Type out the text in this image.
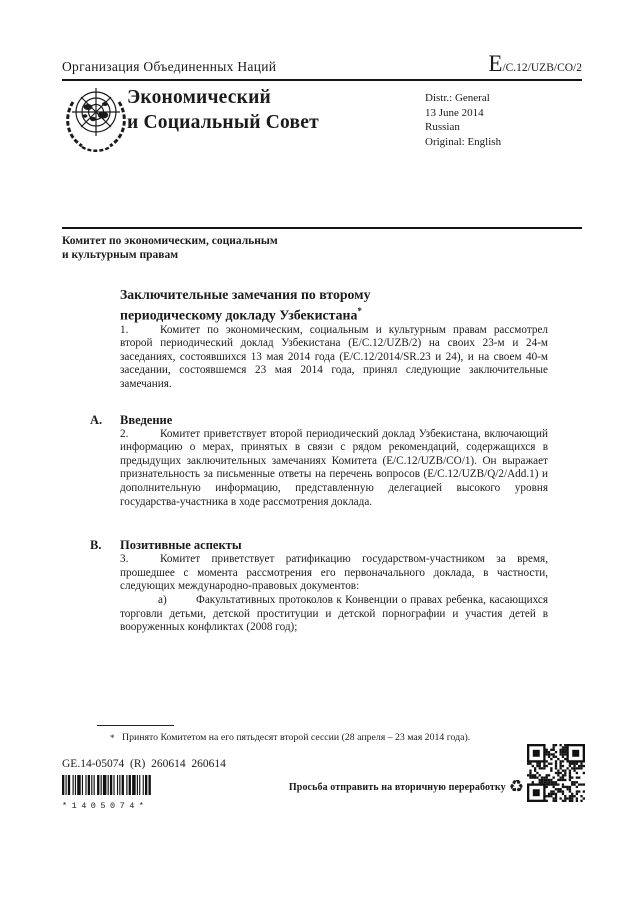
Организация Объединенных Наций	E/C.12/UZB/CO/2
Экономический
и Социальный Совет
Distr.: General
13 June 2014
Russian
Original: English
Комитет по экономическим, социальным
и культурным правам
Заключительные замечания по второму периодическому докладу Узбекистана*

1.	Комитет по экономическим, социальным и культурным правам рассмотрел второй периодический доклад Узбекистана (E/C.12/UZB/2) на своих 23-м и 24-м заседаниях, состоявшихся 13 мая 2014 года (E/C.12/2014/SR.23 и 24), и на своем 40-м заседании, состоявшемся 23 мая 2014 года, принял следующие заключительные замечания.

A. Введение

2.	Комитет приветствует второй периодический доклад Узбекистана, включающий информацию о мерах, принятых в связи с рядом рекомендаций, содержащихся в предыдущих заключительных замечаниях Комитета (E/C.12/UZB/CO/1). Он выражает признательность за письменные ответы на перечень вопросов (E/C.12/UZB/Q/2/Add.1) и дополнительную информацию, представленную делегацией высокого уровня государства-участника в ходе рассмотрения доклада.

B. Позитивные аспекты

3.	Комитет приветствует ратификацию государством-участником за время, прошедшее с момента рассмотрения его первоначального доклада, в частности, следующих международно-правовых документов:

a)	Факультативных протоколов к Конвенции о правах ребенка, касающихся торговли детьми, детской проституции и детской порнографии и участия детей в вооруженных конфликтах (2008 год);

* Принято Комитетом на его пятьдесят второй сессии (28 апреля – 23 мая 2014 года).
GE.14-05074  (R)  260614  260614
*1405074*
Просьба отправить на вторичную переработку ♻
